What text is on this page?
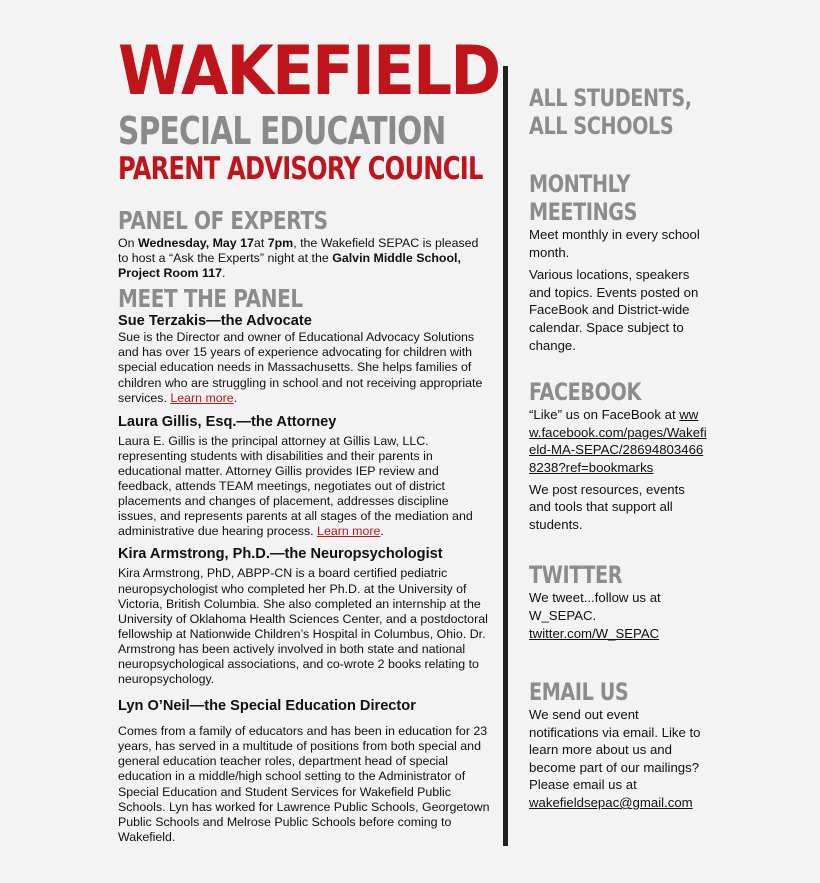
WAKEFIELD
SPECIAL EDUCATION
PARENT ADVISORY COUNCIL
PANEL OF EXPERTS

On Wednesday, May 17at 7pm, the Wakefield SEPAC is pleased to host a “Ask the Experts” night at the Galvin Middle School, Project Room 117.

MEET THE PANEL
Sue Terzakis—the Advocate

Sue is the Director and owner of Educational Advocacy Solutions and has over 15 years of experience advocating for children with special education needs in Massachusetts. She helps families of children who are struggling in school and not receiving appropriate services. Learn more.

Laura Gillis, Esq.—the Attorney

Laura E. Gillis is the principal attorney at Gillis Law, LLC. representing students with disabilities and their parents in educational matter. Attorney Gillis provides IEP review and feedback, attends TEAM meetings, negotiates out of district placements and changes of placement, addresses discipline issues, and represents parents at all stages of the mediation and administrative due hearing process. Learn more.

Kira Armstrong, Ph.D.—the Neuropsychologist

Kira Armstrong, PhD, ABPP-CN is a board certified pediatric neuropsychologist who completed her Ph.D. at the University of Victoria, British Columbia. She also completed an internship at the University of Oklahoma Health Sciences Center, and a postdoctoral fellowship at Nationwide Children’s Hospital in Columbus, Ohio. Dr. Armstrong has been actively involved in both state and national neuropsychological associations, and co-wrote 2 books relating to neuropsychology.

Lyn O’Neil—the Special Education Director

Comes from a family of educators and has been in education for 23 years, has served in a multitude of positions from both special and general education teacher roles, department head of special education in a middle/high school setting to the Administrator of Special Education and Student Services for Wakefield Public Schools. Lyn has worked for Lawrence Public Schools, Georgetown Public Schools and Melrose Public Schools before coming to Wakefield.

ALL STUDENTS,
ALL SCHOOLS
MONTHLY
MEETINGS

Meet monthly in every school month.

Various locations, speakers and topics. Events posted on FaceBook and District-wide calendar. Space subject to change.

FACEBOOK

“Like” us on FaceBook at www.facebook.com/pages/Wakefield-MA-SEPAC/286948034668238?ref=bookmarks

We post resources, events and tools that support all students.

TWITTER

We tweet...follow us at W_SEPAC. twitter.com/W_SEPAC

EMAIL US

We send out event notifications via email. Like to learn more about us and become part of our mailings? Please email us at wakefieldsepac@gmail.com
